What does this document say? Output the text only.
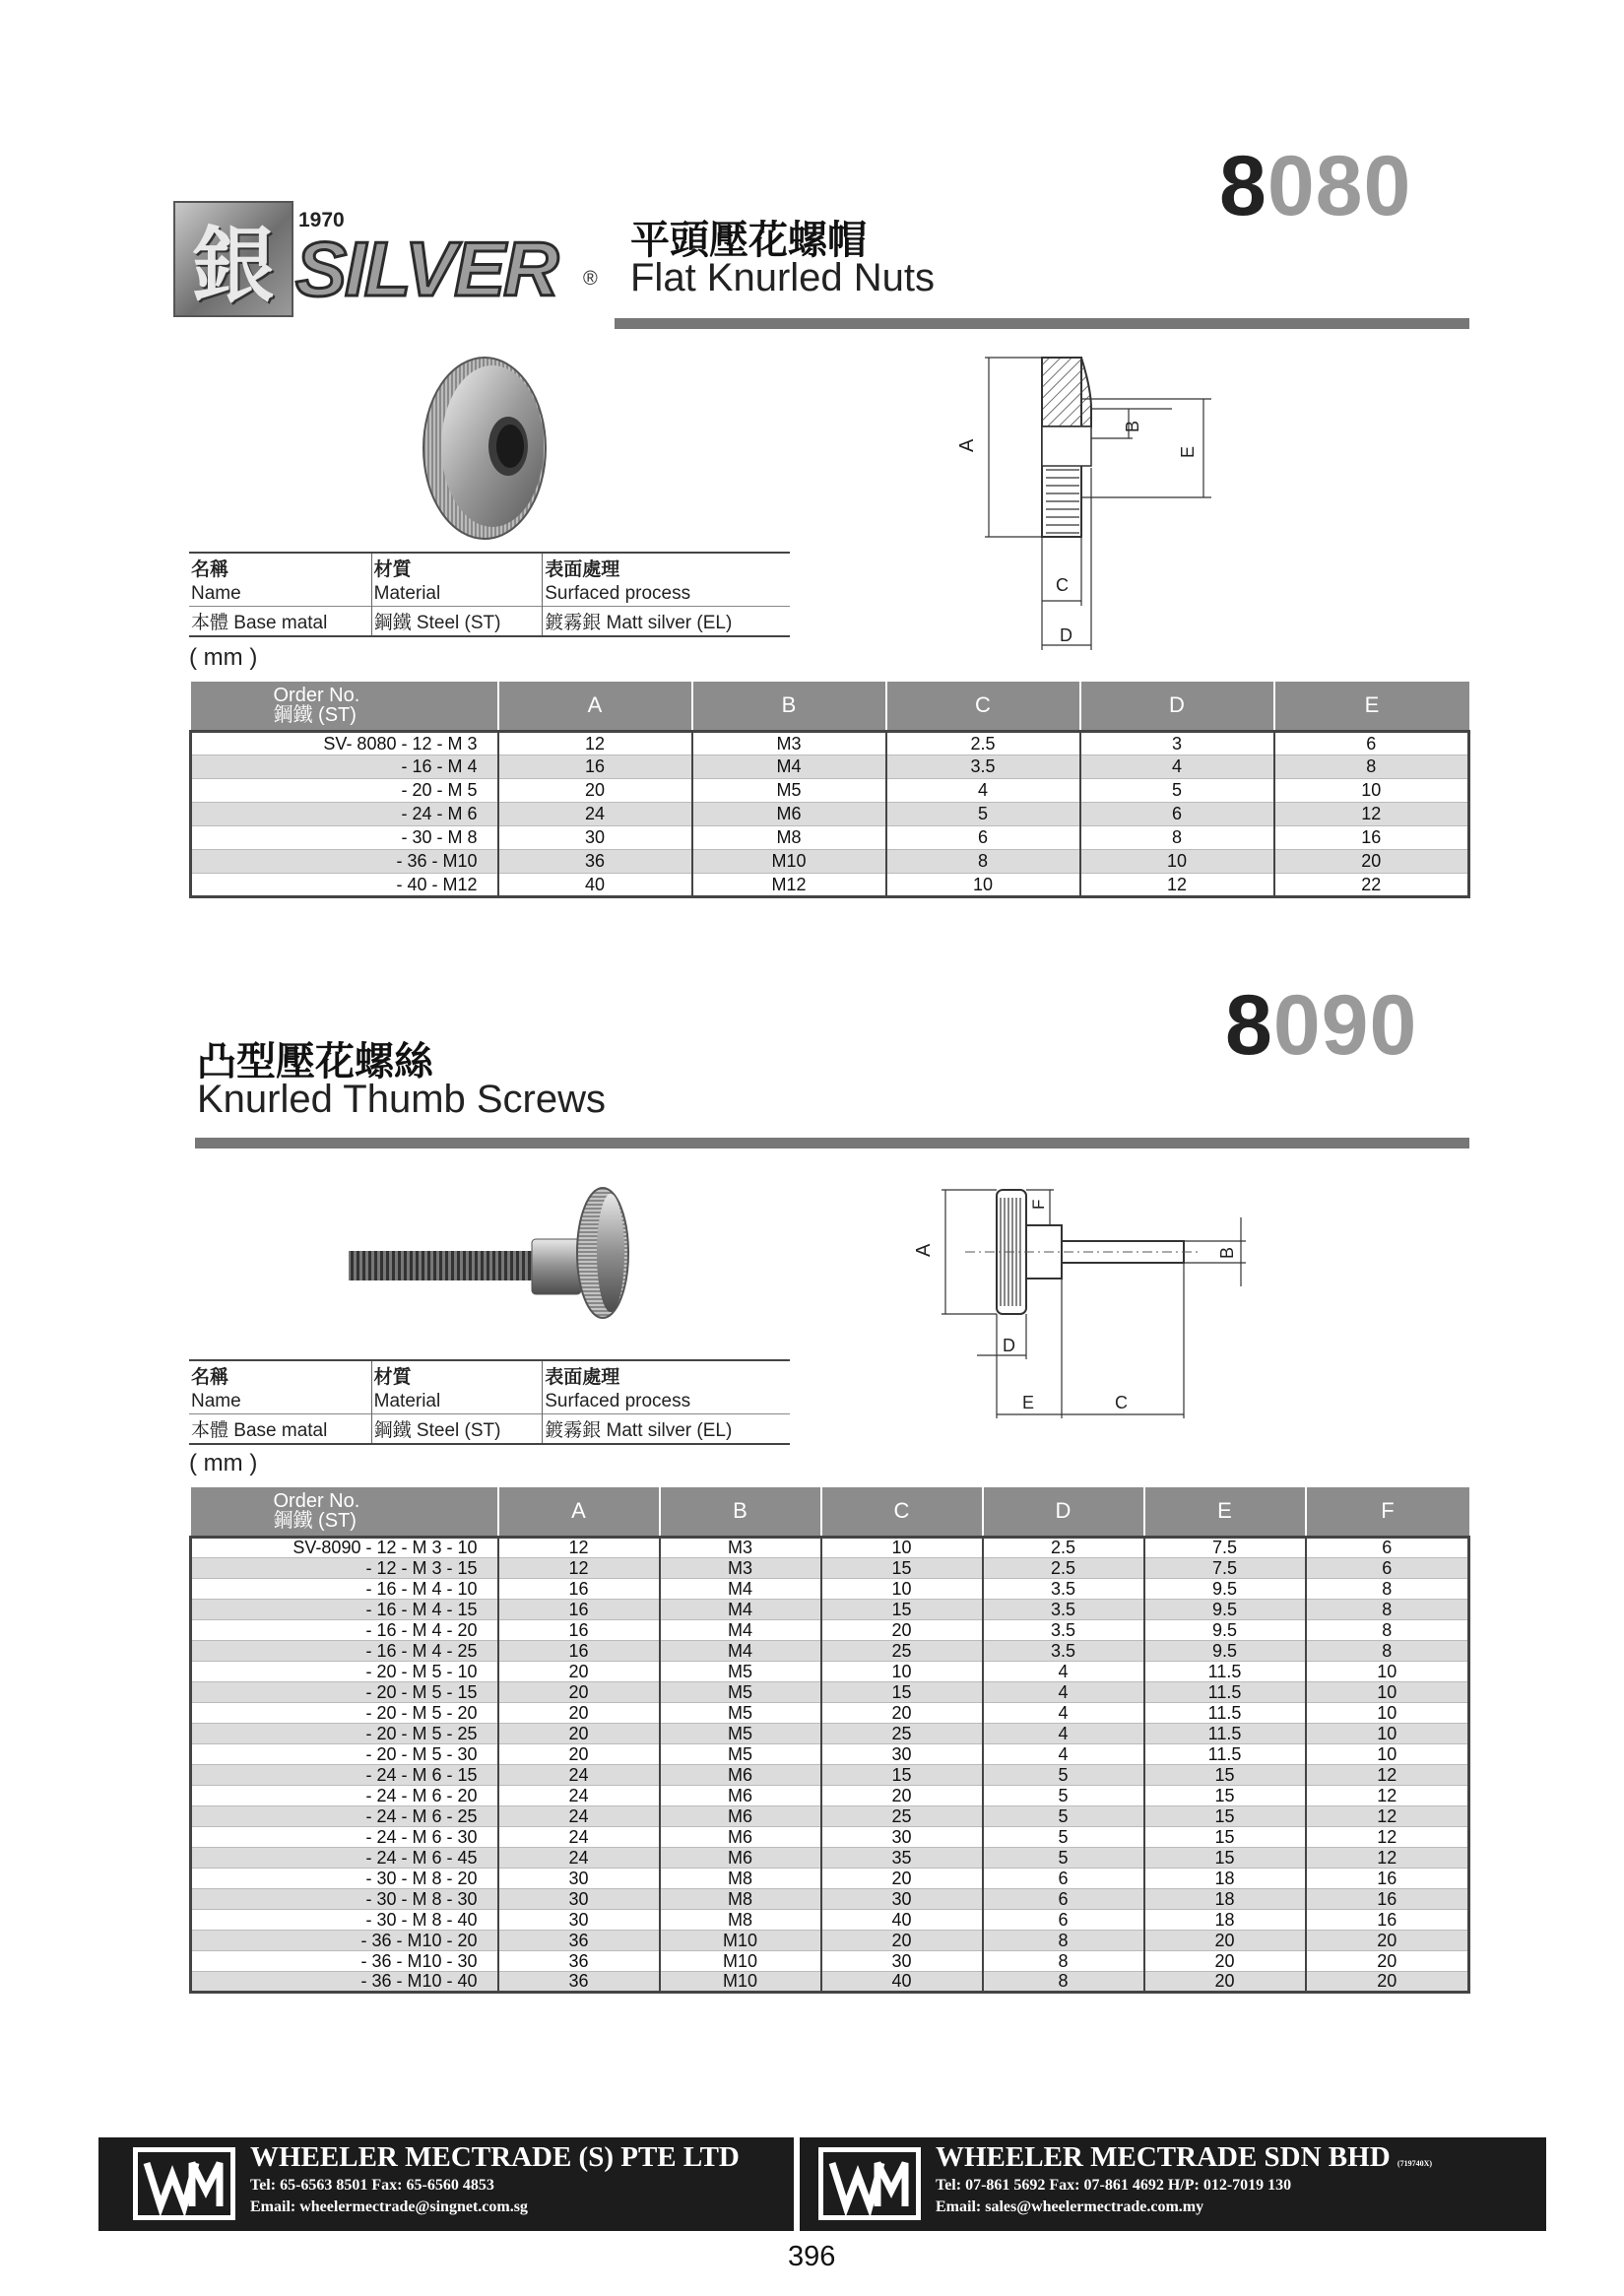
銀 1970
SILVER ®
8080
平頭壓花螺帽
Flat Knurled Nuts
A
B
E
C
D
名稱	材質	表面處理
Name	Material	Surfaced process
本體 Base matal	鋼鐵 Steel (ST)	鍍霧銀 Matt silver (EL)
( mm )
Order No.
鋼鐵 (ST)	A	B	C	D	E
SV- 8080 - 12 - M 3	12	M3	2.5	3	6
- 16 - M 4	16	M4	3.5	4	8
- 20 - M 5	20	M5	4	5	10
- 24 - M 6	24	M6	5	6	12
- 30 - M 8	30	M8	6	8	16
- 36 - M10	36	M10	8	10	20
- 40 - M12	40	M12	10	12	22
8090
凸型壓花螺絲
Knurled Thumb Screws
A
F
B
D
E	C
名稱	材質	表面處理
Name	Material	Surfaced process
本體 Base matal	鋼鐵 Steel (ST)	鍍霧銀 Matt silver (EL)
( mm )
Order No.
鋼鐵 (ST)	A	B	C	D	E	F
SV-8090 - 12 - M 3 - 10	12	M3	10	2.5	7.5	6
- 12 - M 3 - 15	12	M3	15	2.5	7.5	6
- 16 - M 4 - 10	16	M4	10	3.5	9.5	8
- 16 - M 4 - 15	16	M4	15	3.5	9.5	8
- 16 - M 4 - 20	16	M4	20	3.5	9.5	8
- 16 - M 4 - 25	16	M4	25	3.5	9.5	8
- 20 - M 5 - 10	20	M5	10	4	11.5	10
- 20 - M 5 - 15	20	M5	15	4	11.5	10
- 20 - M 5 - 20	20	M5	20	4	11.5	10
- 20 - M 5 - 25	20	M5	25	4	11.5	10
- 20 - M 5 - 30	20	M5	30	4	11.5	10
- 24 - M 6 - 15	24	M6	15	5	15	12
- 24 - M 6 - 20	24	M6	20	5	15	12
- 24 - M 6 - 25	24	M6	25	5	15	12
- 24 - M 6 - 30	24	M6	30	5	15	12
- 24 - M 6 - 45	24	M6	35	5	15	12
- 30 - M 8 - 20	30	M8	20	6	18	16
- 30 - M 8 - 30	30	M8	30	6	18	16
- 30 - M 8 - 40	30	M8	40	6	18	16
- 36 - M10 - 20	36	M10	20	8	20	20
- 36 - M10 - 30	36	M10	30	8	20	20
- 36 - M10 - 40	36	M10	40	8	20	20
WHEELER MECTRADE (S) PTE LTD
Tel: 65-6563 8501 Fax: 65-6560 4853
Email: wheelermectrade@singnet.com.sg
WHEELER MECTRADE SDN BHD (719740X)
Tel: 07-861 5692 Fax: 07-861 4692 H/P: 012-7019 130
Email: sales@wheelermectrade.com.my
396
